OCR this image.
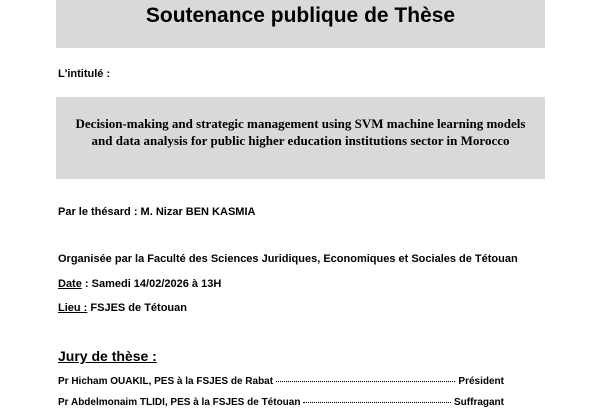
Soutenance publique de Thèse
L'intitulé :
Decision-making and strategic management using SVM machine learning models and data analysis for public higher education institutions sector in Morocco
Par le thésard : M. Nizar BEN KASMIA
Organisée par la Faculté des Sciences Juridiques, Economiques et Sociales de Tétouan
Date : Samedi 14/02/2026 à 13H
Lieu : FSJES de Tétouan
Jury de thèse :
Pr Hicham OUAKIL, PES à la FSJES de Rabat	Président
Pr Abdelmonaim TLIDI, PES à la FSJES de Tétouan	Suffragant
